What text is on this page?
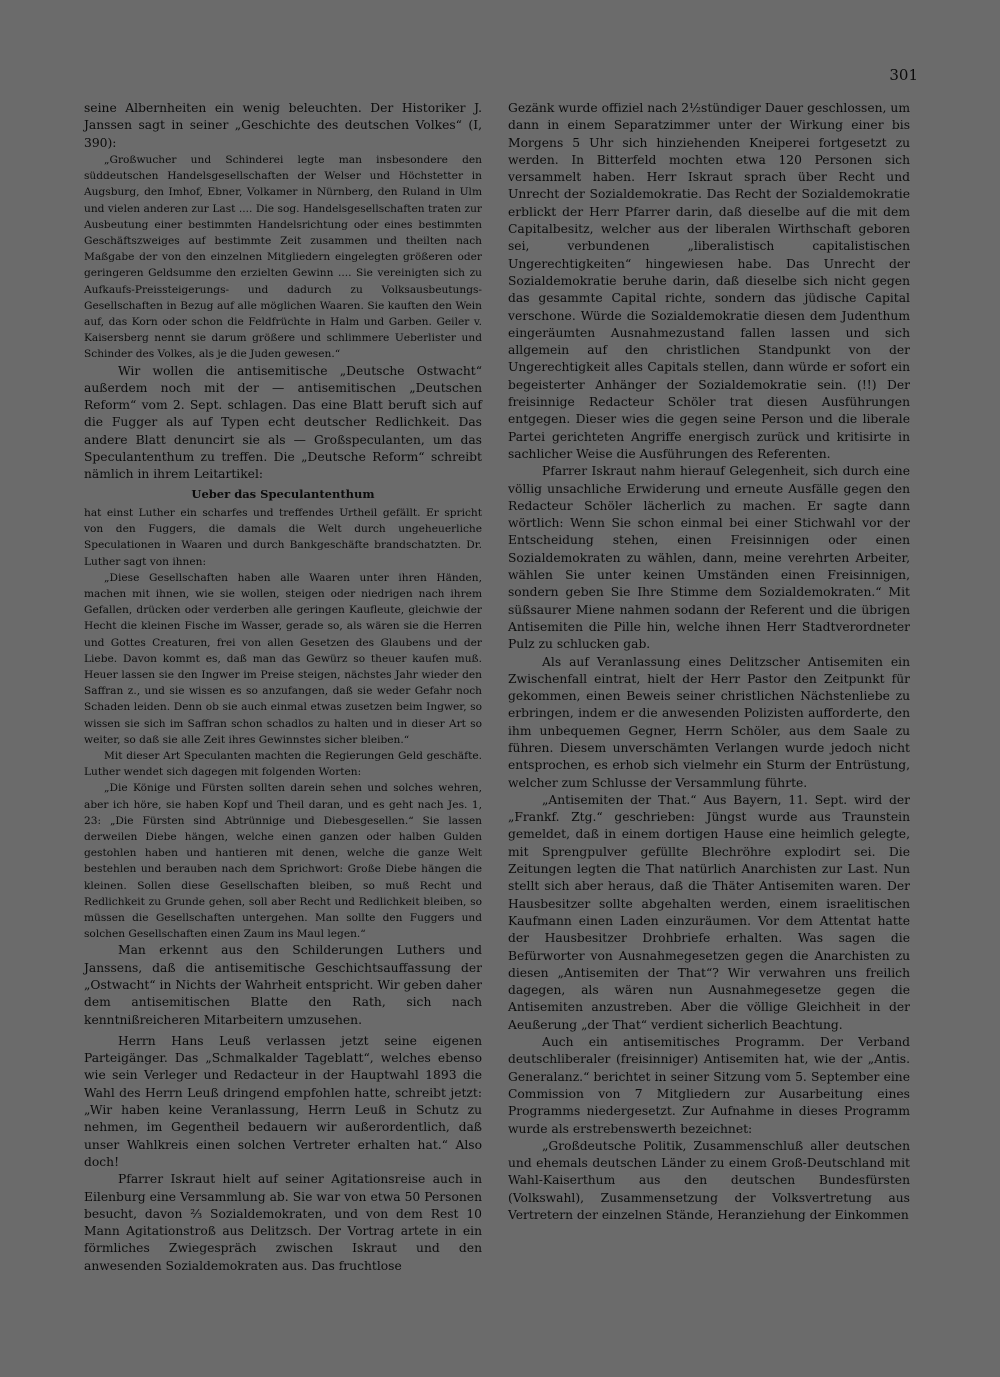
301

seine Albernheiten ein wenig beleuchten. Der Historiker J. Janssen sagt in seiner „Geschichte des deutschen Volkes“ (I, 390):

„Großwucher und Schinderei legte man insbesondere den süddeutschen Handelsgesellschaften der Welser und Höchstetter in Augsburg, den Imhof, Ebner, Volkamer in Nürnberg, den Ruland in Ulm und vielen anderen zur Last .... Die sog. Handelsgesellschaften traten zur Ausbeutung einer bestimmten Handelsrichtung oder eines bestimmten Geschäftszweiges auf bestimmte Zeit zusammen und theilten nach Maßgabe der von den einzelnen Mitgliedern eingelegten größeren oder geringeren Geldsumme den erzielten Gewinn .... Sie vereinigten sich zu Aufkaufs-Preissteigerungs- und dadurch zu Volksausbeutungs-Gesellschaften in Bezug auf alle möglichen Waaren. Sie kauften den Wein auf, das Korn oder schon die Feldfrüchte in Halm und Garben. Geiler v. Kaisersberg nennt sie darum größere und schlimmere Ueberlister und Schinder des Volkes, als je die Juden gewesen.“

Wir wollen die antisemitische „Deutsche Ostwacht“ außerdem noch mit der — antisemitischen „Deutschen Reform“ vom 2. Sept. schlagen. Das eine Blatt beruft sich auf die Fugger als auf Typen echt deutscher Redlichkeit. Das andere Blatt denuncirt sie als — Großspeculanten, um das Speculantenthum zu treffen. Die „Deutsche Reform“ schreibt nämlich in ihrem Leitartikel:

Ueber das Speculantenthum

hat einst Luther ein scharfes und treffendes Urtheil gefällt. Er spricht von den Fuggers, die damals die Welt durch ungeheuerliche Speculationen in Waaren und durch Bankgeschäfte brandschatzten. Dr. Luther sagt von ihnen:

„Diese Gesellschaften haben alle Waaren unter ihren Händen, machen mit ihnen, wie sie wollen, steigen oder niedrigen nach ihrem Gefallen, drücken oder verderben alle geringen Kaufleute, gleichwie der Hecht die kleinen Fische im Wasser, gerade so, als wären sie die Herren und Gottes Creaturen, frei von allen Gesetzen des Glaubens und der Liebe. Davon kommt es, daß man das Gewürz so theuer kaufen muß. Heuer lassen sie den Ingwer im Preise steigen, nächstes Jahr wieder den Saffran z., und sie wissen es so anzufangen, daß sie weder Gefahr noch Schaden leiden. Denn ob sie auch einmal etwas zusetzen beim Ingwer, so wissen sie sich im Saffran schon schadlos zu halten und in dieser Art so weiter, so daß sie alle Zeit ihres Gewinnstes sicher bleiben.“

Mit dieser Art Speculanten machten die Regierungen Geld geschäfte. Luther wendet sich dagegen mit folgenden Worten:

„Die Könige und Fürsten sollten darein sehen und solches wehren, aber ich höre, sie haben Kopf und Theil daran, und es geht nach Jes. 1, 23: „Die Fürsten sind Abtrünnige und Diebesgesellen.“ Sie lassen derweilen Diebe hängen, welche einen ganzen oder halben Gulden gestohlen haben und hantieren mit denen, welche die ganze Welt bestehlen und berauben nach dem Sprichwort: Große Diebe hängen die kleinen. Sollen diese Gesellschaften bleiben, so muß Recht und Redlichkeit zu Grunde gehen, soll aber Recht und Redlichkeit bleiben, so müssen die Gesellschaften untergehen. Man sollte den Fuggers und solchen Gesellschaften einen Zaum ins Maul legen.“

Man erkennt aus den Schilderungen Luthers und Janssens, daß die antisemitische Geschichtsauffassung der „Ostwacht“ in Nichts der Wahrheit entspricht. Wir geben daher dem antisemitischen Blatte den Rath, sich nach kenntnißreicheren Mitarbeitern umzusehen.

Herrn Hans Leuß verlassen jetzt seine eigenen Parteigänger. Das „Schmalkalder Tageblatt“, welches ebenso wie sein Verleger und Redacteur in der Hauptwahl 1893 die Wahl des Herrn Leuß dringend empfohlen hatte, schreibt jetzt: „Wir haben keine Veranlassung, Herrn Leuß in Schutz zu nehmen, im Gegentheil bedauern wir außerordentlich, daß unser Wahlkreis einen solchen Vertreter erhalten hat.“ Also doch!

Pfarrer Iskraut hielt auf seiner Agitationsreise auch in Eilenburg eine Versammlung ab. Sie war von etwa 50 Personen besucht, davon ⅔ Sozialdemokraten, und von dem Rest 10 Mann Agitationstroß aus Delitzsch. Der Vortrag artete in ein förmliches Zwiegespräch zwischen Iskraut und den anwesenden Sozialdemokraten aus. Das fruchtlose

Gezänk wurde offiziel nach 2½stündiger Dauer geschlossen, um dann in einem Separatzimmer unter der Wirkung einer bis Morgens 5 Uhr sich hinziehenden Kneiperei fortgesetzt zu werden. In Bitterfeld mochten etwa 120 Personen sich versammelt haben. Herr Iskraut sprach über Recht und Unrecht der Sozialdemokratie. Das Recht der Sozialdemokratie erblickt der Herr Pfarrer darin, daß dieselbe auf die mit dem Capitalbesitz, welcher aus der liberalen Wirthschaft geboren sei, verbundenen „liberalistisch capitalistischen Ungerechtigkeiten“ hingewiesen habe. Das Unrecht der Sozialdemokratie beruhe darin, daß dieselbe sich nicht gegen das gesammte Capital richte, sondern das jüdische Capital verschone. Würde die Sozialdemokratie diesen dem Judenthum eingeräumten Ausnahmezustand fallen lassen und sich allgemein auf den christlichen Standpunkt von der Ungerechtigkeit alles Capitals stellen, dann würde er sofort ein begeisterter Anhänger der Sozialdemokratie sein. (!!) Der freisinnige Redacteur Schöler trat diesen Ausführungen entgegen. Dieser wies die gegen seine Person und die liberale Partei gerichteten Angriffe energisch zurück und kritisirte in sachlicher Weise die Ausführungen des Referenten.

Pfarrer Iskraut nahm hierauf Gelegenheit, sich durch eine völlig unsachliche Erwiderung und erneute Ausfälle gegen den Redacteur Schöler lächerlich zu machen. Er sagte dann wörtlich: Wenn Sie schon einmal bei einer Stichwahl vor der Entscheidung stehen, einen Freisinnigen oder einen Sozialdemokraten zu wählen, dann, meine verehrten Arbeiter, wählen Sie unter keinen Umständen einen Freisinnigen, sondern geben Sie Ihre Stimme dem Sozialdemokraten.“ Mit süßsaurer Miene nahmen sodann der Referent und die übrigen Antisemiten die Pille hin, welche ihnen Herr Stadtverordneter Pulz zu schlucken gab.

Als auf Veranlassung eines Delitzscher Antisemiten ein Zwischenfall eintrat, hielt der Herr Pastor den Zeitpunkt für gekommen, einen Beweis seiner christlichen Nächstenliebe zu erbringen, indem er die anwesenden Polizisten aufforderte, den ihm unbequemen Gegner, Herrn Schöler, aus dem Saale zu führen. Diesem unverschämten Verlangen wurde jedoch nicht entsprochen, es erhob sich vielmehr ein Sturm der Entrüstung, welcher zum Schlusse der Versammlung führte.

„Antisemiten der That.“ Aus Bayern, 11. Sept. wird der „Frankf. Ztg.“ geschrieben: Jüngst wurde aus Traunstein gemeldet, daß in einem dortigen Hause eine heimlich gelegte, mit Sprengpulver gefüllte Blechröhre explodirt sei. Die Zeitungen legten die That natürlich Anarchisten zur Last. Nun stellt sich aber heraus, daß die Thäter Antisemiten waren. Der Hausbesitzer sollte abgehalten werden, einem israelitischen Kaufmann einen Laden einzuräumen. Vor dem Attentat hatte der Hausbesitzer Drohbriefe erhalten. Was sagen die Befürworter von Ausnahmegesetzen gegen die Anarchisten zu diesen „Antisemiten der That“? Wir verwahren uns freilich dagegen, als wären nun Ausnahmegesetze gegen die Antisemiten anzustreben. Aber die völlige Gleichheit in der Aeußerung „der That“ verdient sicherlich Beachtung.

Auch ein antisemitisches Programm. Der Verband deutschliberaler (freisinniger) Antisemiten hat, wie der „Antis. Generalanz.“ berichtet in seiner Sitzung vom 5. September eine Commission von 7 Mitgliedern zur Ausarbeitung eines Programms niedergesetzt. Zur Aufnahme in dieses Programm wurde als erstrebenswerth bezeichnet:

„Großdeutsche Politik, Zusammenschluß aller deutschen und ehemals deutschen Länder zu einem Groß-Deutschland mit Wahl-Kaiserthum aus den deutschen Bundesfürsten (Volkswahl), Zusammensetzung der Volksvertretung aus Vertretern der einzelnen Stände, Heranziehung der Einkommen
